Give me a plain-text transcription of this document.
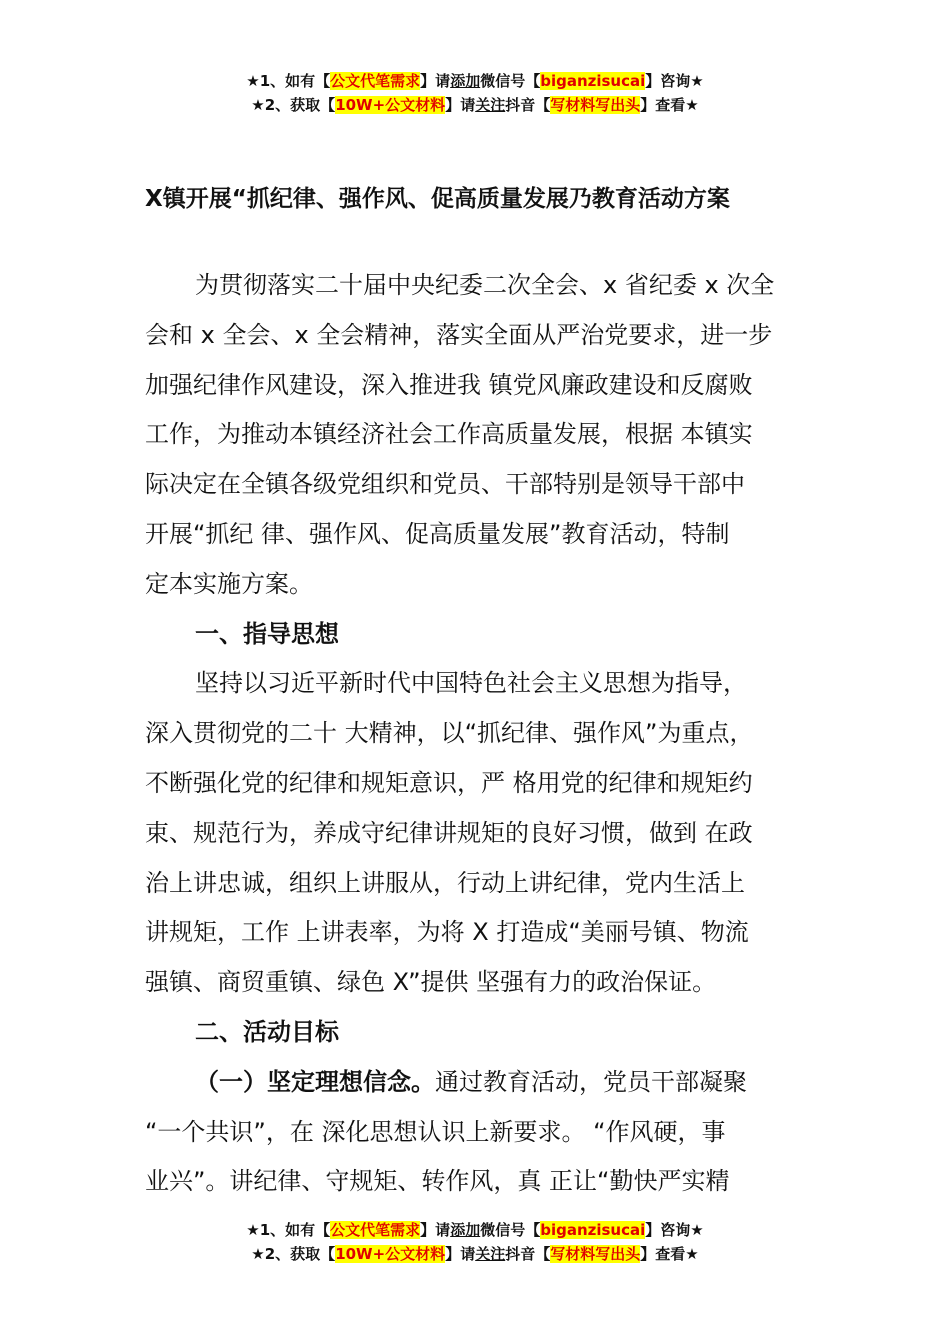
X镇开展“抓纪律、强作风、促高质量发展乃教育活动方案
★1、如有【公文代笔需求】请添加微信号【biganzisucai】咨询★
★2、获取【10W+公文材料】请关注抖音【写材料写出头】查看★
★1、如有【公文代笔需求】请添加微信号【biganzisucai】咨询★
★2、获取【10W+公文材料】请关注抖音【写材料写出头】查看★
为贯彻落实二十届中央纪委二次全会、x 省纪委 x 次全
会和 x 全会、x 全会精神，落实全面从严治党要求，进一步
加强纪律作风建设，深入推进我 镇党风廉政建设和反腐败
工作，为推动本镇经济社会工作高质量发展，根据 本镇实
际决定在全镇各级党组织和党员、干部特别是领导干部中
开展“抓纪 律、强作风、促高质量发展”教育活动，特制
定本实施方案。
一、指导思想
坚持以习近平新时代中国特色社会主义思想为指导，
深入贯彻党的二十 大精神，以“抓纪律、强作风”为重点，
不断强化党的纪律和规矩意识，严 格用党的纪律和规矩约
束、规范行为，养成守纪律讲规矩的良好习惯，做到 在政
治上讲忠诚，组织上讲服从，行动上讲纪律，党内生活上
讲规矩，工作 上讲表率，为将 X 打造成“美丽号镇、物流
强镇、商贸重镇、绿色 X”提供 坚强有力的政治保证。
二、活动目标
（一）坚定理想信念。通过教育活动，党员干部凝聚
“一个共识”，在 深化思想认识上新要求。 “作风硬，事
业兴”。讲纪律、守规矩、转作风，真 正让“勤快严实精
